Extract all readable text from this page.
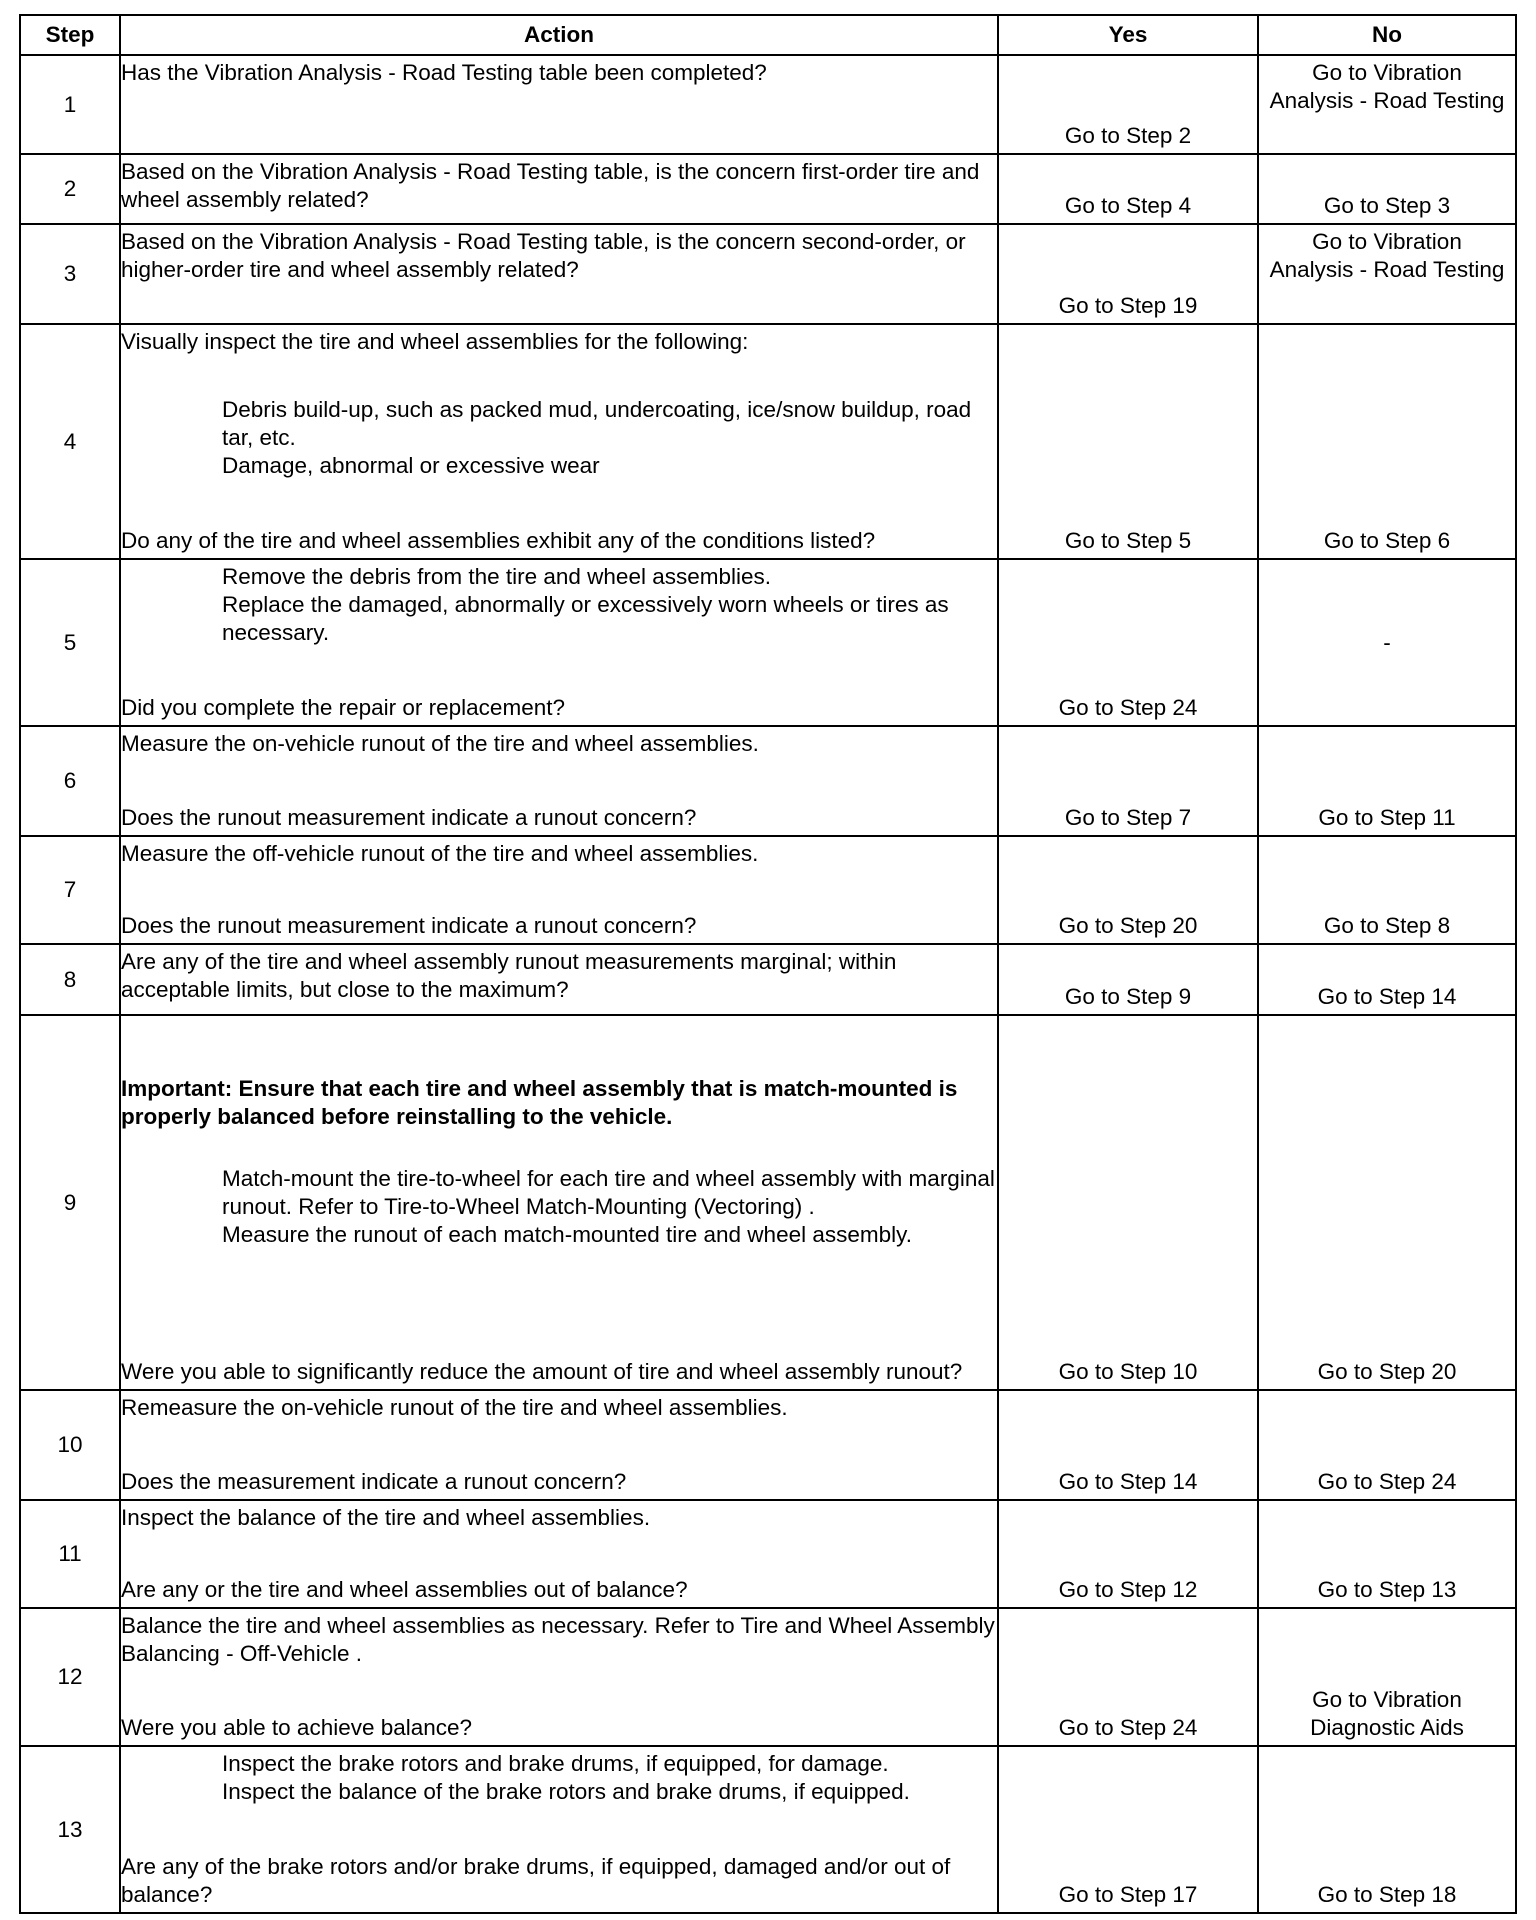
Step	Action	Yes	No
1	Has the Vibration Analysis - Road Testing table been completed?	Go to Step 2	Go to Vibration Analysis - Road Testing
2	Based on the Vibration Analysis - Road Testing table, is the concern first-order tire and wheel assembly related?	Go to Step 4	Go to Step 3
3	Based on the Vibration Analysis - Road Testing table, is the concern second-order, or higher-order tire and wheel assembly related?	Go to Step 19	Go to Vibration Analysis - Road Testing
4	Visually inspect the tire and wheel assemblies for the following:
Debris build-up, such as packed mud, undercoating, ice/snow buildup, road tar, etc.
Damage, abnormal or excessive wear
Do any of the tire and wheel assemblies exhibit any of the conditions listed?	Go to Step 5	Go to Step 6
5	Remove the debris from the tire and wheel assemblies.
Replace the damaged, abnormally or excessively worn wheels or tires as necessary.
Did you complete the repair or replacement?	Go to Step 24	-
6	Measure the on-vehicle runout of the tire and wheel assemblies.
Does the runout measurement indicate a runout concern?	Go to Step 7	Go to Step 11
7	Measure the off-vehicle runout of the tire and wheel assemblies.
Does the runout measurement indicate a runout concern?	Go to Step 20	Go to Step 8
8	Are any of the tire and wheel assembly runout measurements marginal; within acceptable limits, but close to the maximum?	Go to Step 9	Go to Step 14
9	Important: Ensure that each tire and wheel assembly that is match-mounted is properly balanced before reinstalling to the vehicle.
Match-mount the tire-to-wheel for each tire and wheel assembly with marginal runout. Refer to Tire-to-Wheel Match-Mounting (Vectoring) .
Measure the runout of each match-mounted tire and wheel assembly.
Were you able to significantly reduce the amount of tire and wheel assembly runout?	Go to Step 10	Go to Step 20
10	Remeasure the on-vehicle runout of the tire and wheel assemblies.
Does the measurement indicate a runout concern?	Go to Step 14	Go to Step 24
11	Inspect the balance of the tire and wheel assemblies.
Are any or the tire and wheel assemblies out of balance?	Go to Step 12	Go to Step 13
12	Balance the tire and wheel assemblies as necessary. Refer to Tire and Wheel Assembly Balancing - Off-Vehicle .
Were you able to achieve balance?	Go to Step 24	Go to Vibration Diagnostic Aids
13	Inspect the brake rotors and brake drums, if equipped, for damage.
Inspect the balance of the brake rotors and brake drums, if equipped.
Are any of the brake rotors and/or brake drums, if equipped, damaged and/or out of balance?	Go to Step 17	Go to Step 18
